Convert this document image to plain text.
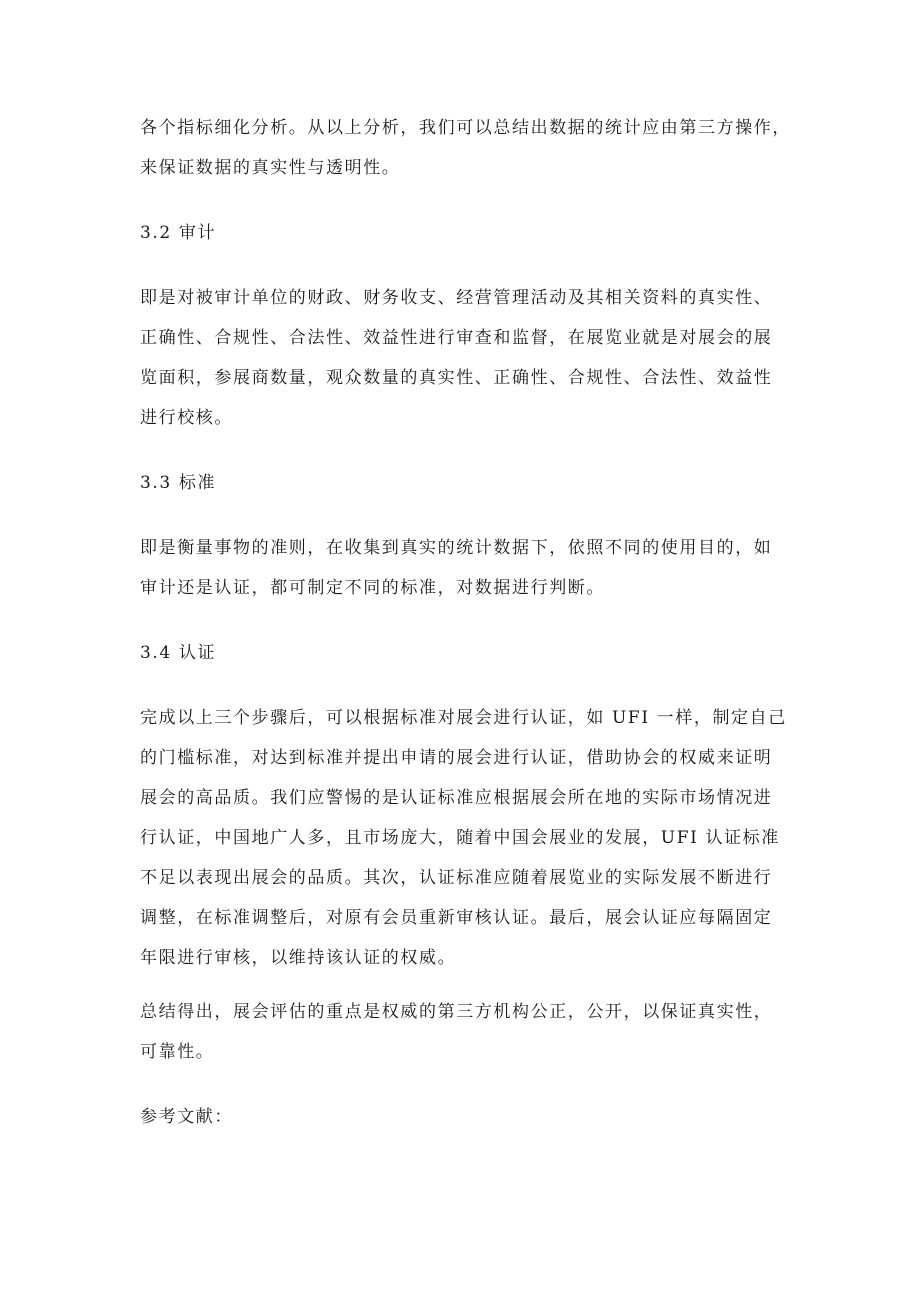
各个指标细化分析。从以上分析，我们可以总结出数据的统计应由第三方操作，
来保证数据的真实性与透明性。
3.2 审计
即是对被审计单位的财政、财务收支、经营管理活动及其相关资料的真实性、
正确性、合规性、合法性、效益性进行审查和监督，在展览业就是对展会的展
览面积，参展商数量，观众数量的真实性、正确性、合规性、合法性、效益性
进行校核。
3.3 标准
即是衡量事物的准则，在收集到真实的统计数据下，依照不同的使用目的，如
审计还是认证，都可制定不同的标准，对数据进行判断。
3.4 认证
完成以上三个步骤后，可以根据标准对展会进行认证，如 UFI 一样，制定自己
的门槛标准，对达到标准并提出申请的展会进行认证，借助协会的权威来证明
展会的高品质。我们应警惕的是认证标准应根据展会所在地的实际市场情况进
行认证，中国地广人多，且市场庞大，随着中国会展业的发展，UFI 认证标准
不足以表现出展会的品质。其次，认证标准应随着展览业的实际发展不断进行
调整，在标准调整后，对原有会员重新审核认证。最后，展会认证应每隔固定
年限进行审核，以维持该认证的权威。
总结得出，展会评估的重点是权威的第三方机构公正，公开，以保证真实性，
可靠性。
参考文献：
